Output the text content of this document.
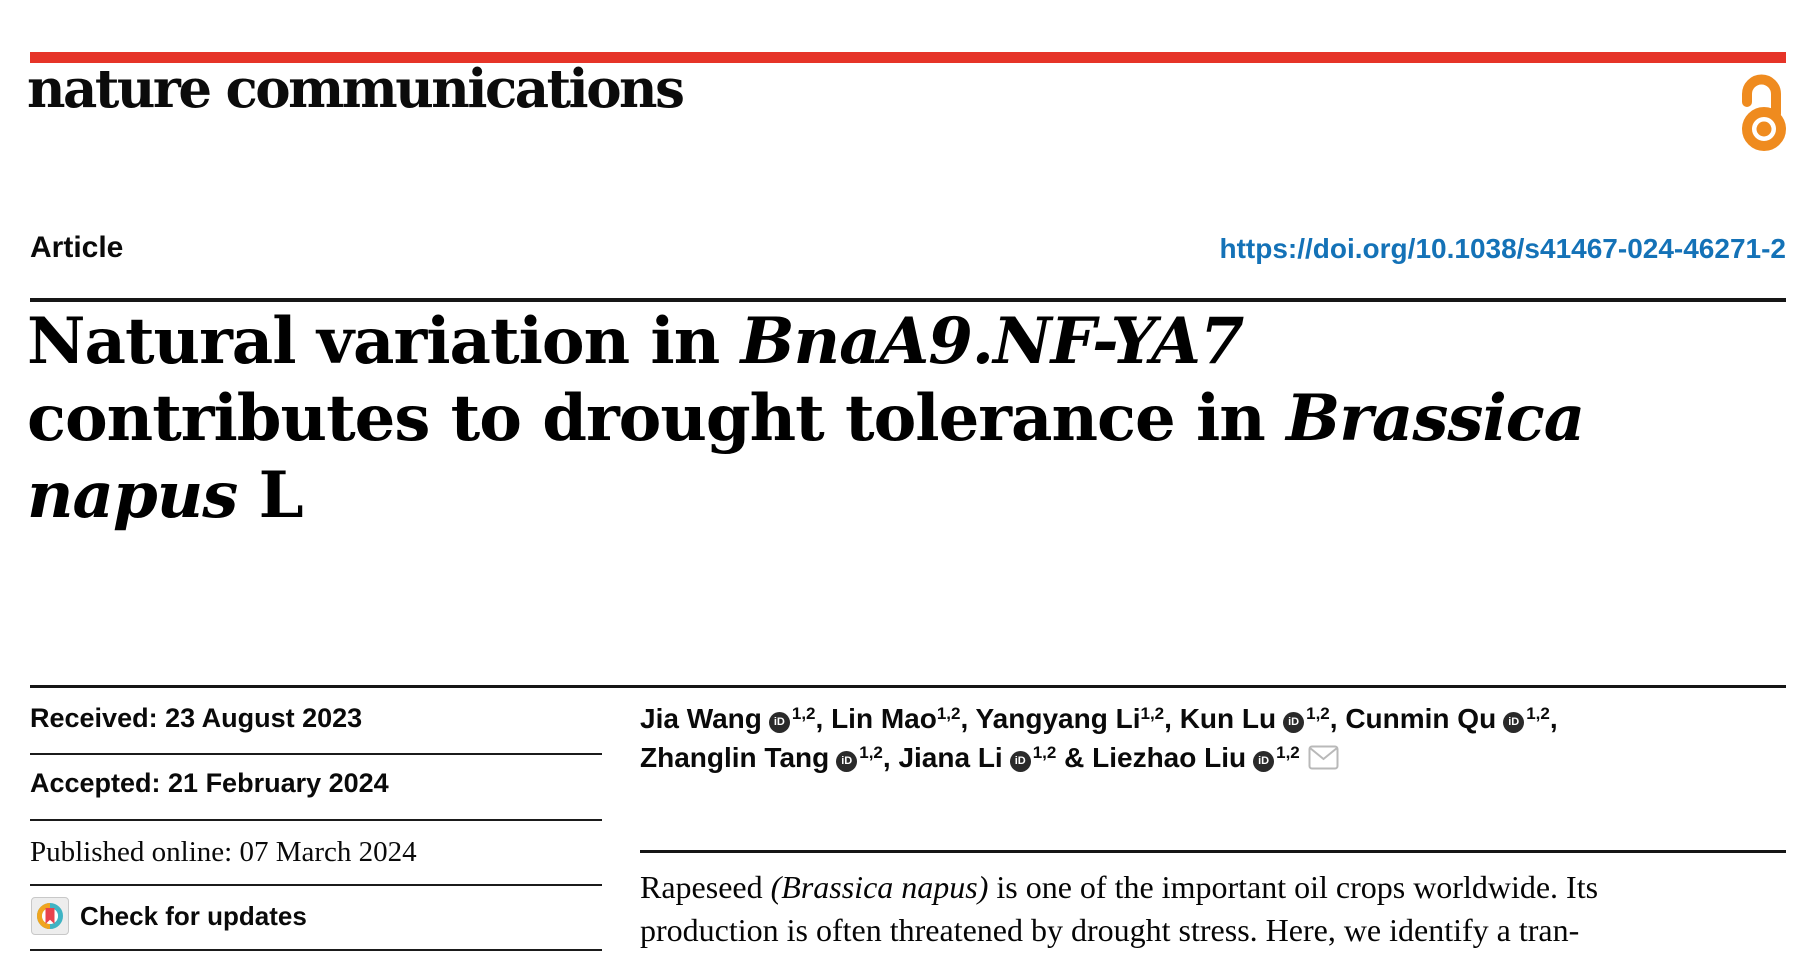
nature communications
Article	https://doi.org/10.1038/s41467-024-46271-2
Natural variation in BnaA9.NF-YA7
contributes to drought tolerance in Brassica
napus L
Received: 23 August 2023
Accepted: 21 February 2024
Published online: 07 March 2024
Check for updates
Jia Wang iD $^{1,2}$, Lin Mao$^{1,2}$, Yangyang Li$^{1,2}$, Kun Lu iD $^{1,2}$, Cunmin Qu iD $^{1,2}$,
Zhanglin Tang iD $^{1,2}$, Jiana Li iD $^{1,2}$ & Liezhao Liu iD $^{1,2}$
Rapeseed (Brassica napus) is one of the important oil crops worldwide. Its
production is often threatened by drought stress. Here, we identify a tran-
